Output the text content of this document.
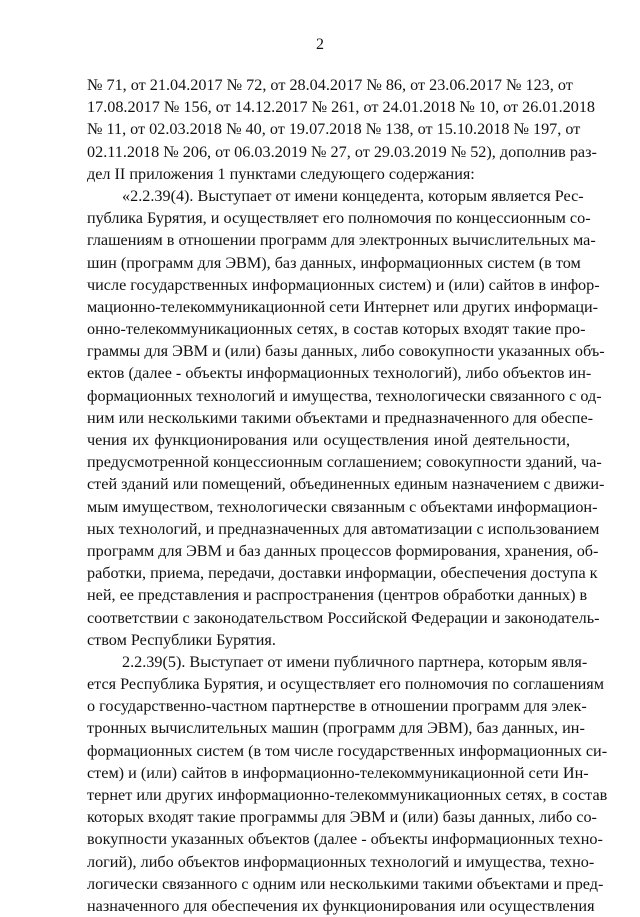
2
№ 71, от 21.04.2017 № 72, от 28.04.2017 № 86, от 23.06.2017 № 123, от
17.08.2017 № 156, от 14.12.2017 № 261, от 24.01.2018 № 10, от 26.01.2018
№ 11, от 02.03.2018 № 40, от 19.07.2018 № 138, от 15.10.2018 № 197, от
02.11.2018 № 206, от 06.03.2019 № 27, от 29.03.2019 № 52), дополнив раз-
дел II приложения 1 пунктами следующего содержания:
«2.2.39(4). Выступает от имени концедента, которым является Рес-
публика Бурятия, и осуществляет его полномочия по концессионным со-
глашениям в отношении программ для электронных вычислительных ма-
шин (программ для ЭВМ), баз данных, информационных систем (в том
числе государственных информационных систем) и (или) сайтов в инфор-
мационно-телекоммуникационной сети Интернет или других информаци-
онно-телекоммуникационных сетях, в состав которых входят такие про-
граммы для ЭВМ и (или) базы данных, либо совокупности указанных объ-
ектов (далее - объекты информационных технологий), либо объектов ин-
формационных технологий и имущества, технологически связанного с од-
ним или несколькими такими объектами и предназначенного для обеспе-
чения их функционирования или осуществления иной деятельности,
предусмотренной концессионным соглашением; совокупности зданий, ча-
стей зданий или помещений, объединенных единым назначением с движи-
мым имуществом, технологически связанным с объектами информацион-
ных технологий, и предназначенных для автоматизации с использованием
программ для ЭВМ и баз данных процессов формирования, хранения, об-
работки, приема, передачи, доставки информации, обеспечения доступа к
ней, ее представления и распространения (центров обработки данных) в
соответствии с законодательством Российской Федерации и законодатель-
ством Республики Бурятия.
2.2.39(5). Выступает от имени публичного партнера, которым явля-
ется Республика Бурятия, и осуществляет его полномочия по соглашениям
о государственно-частном партнерстве в отношении программ для элек-
тронных вычислительных машин (программ для ЭВМ), баз данных, ин-
формационных систем (в том числе государственных информационных си-
стем) и (или) сайтов в информационно-телекоммуникационной сети Ин-
тернет или других информационно-телекоммуникационных сетях, в состав
которых входят такие программы для ЭВМ и (или) базы данных, либо со-
вокупности указанных объектов (далее - объекты информационных техно-
логий), либо объектов информационных технологий и имущества, техно-
логически связанного с одним или несколькими такими объектами и пред-
назначенного для обеспечения их функционирования или осуществления
